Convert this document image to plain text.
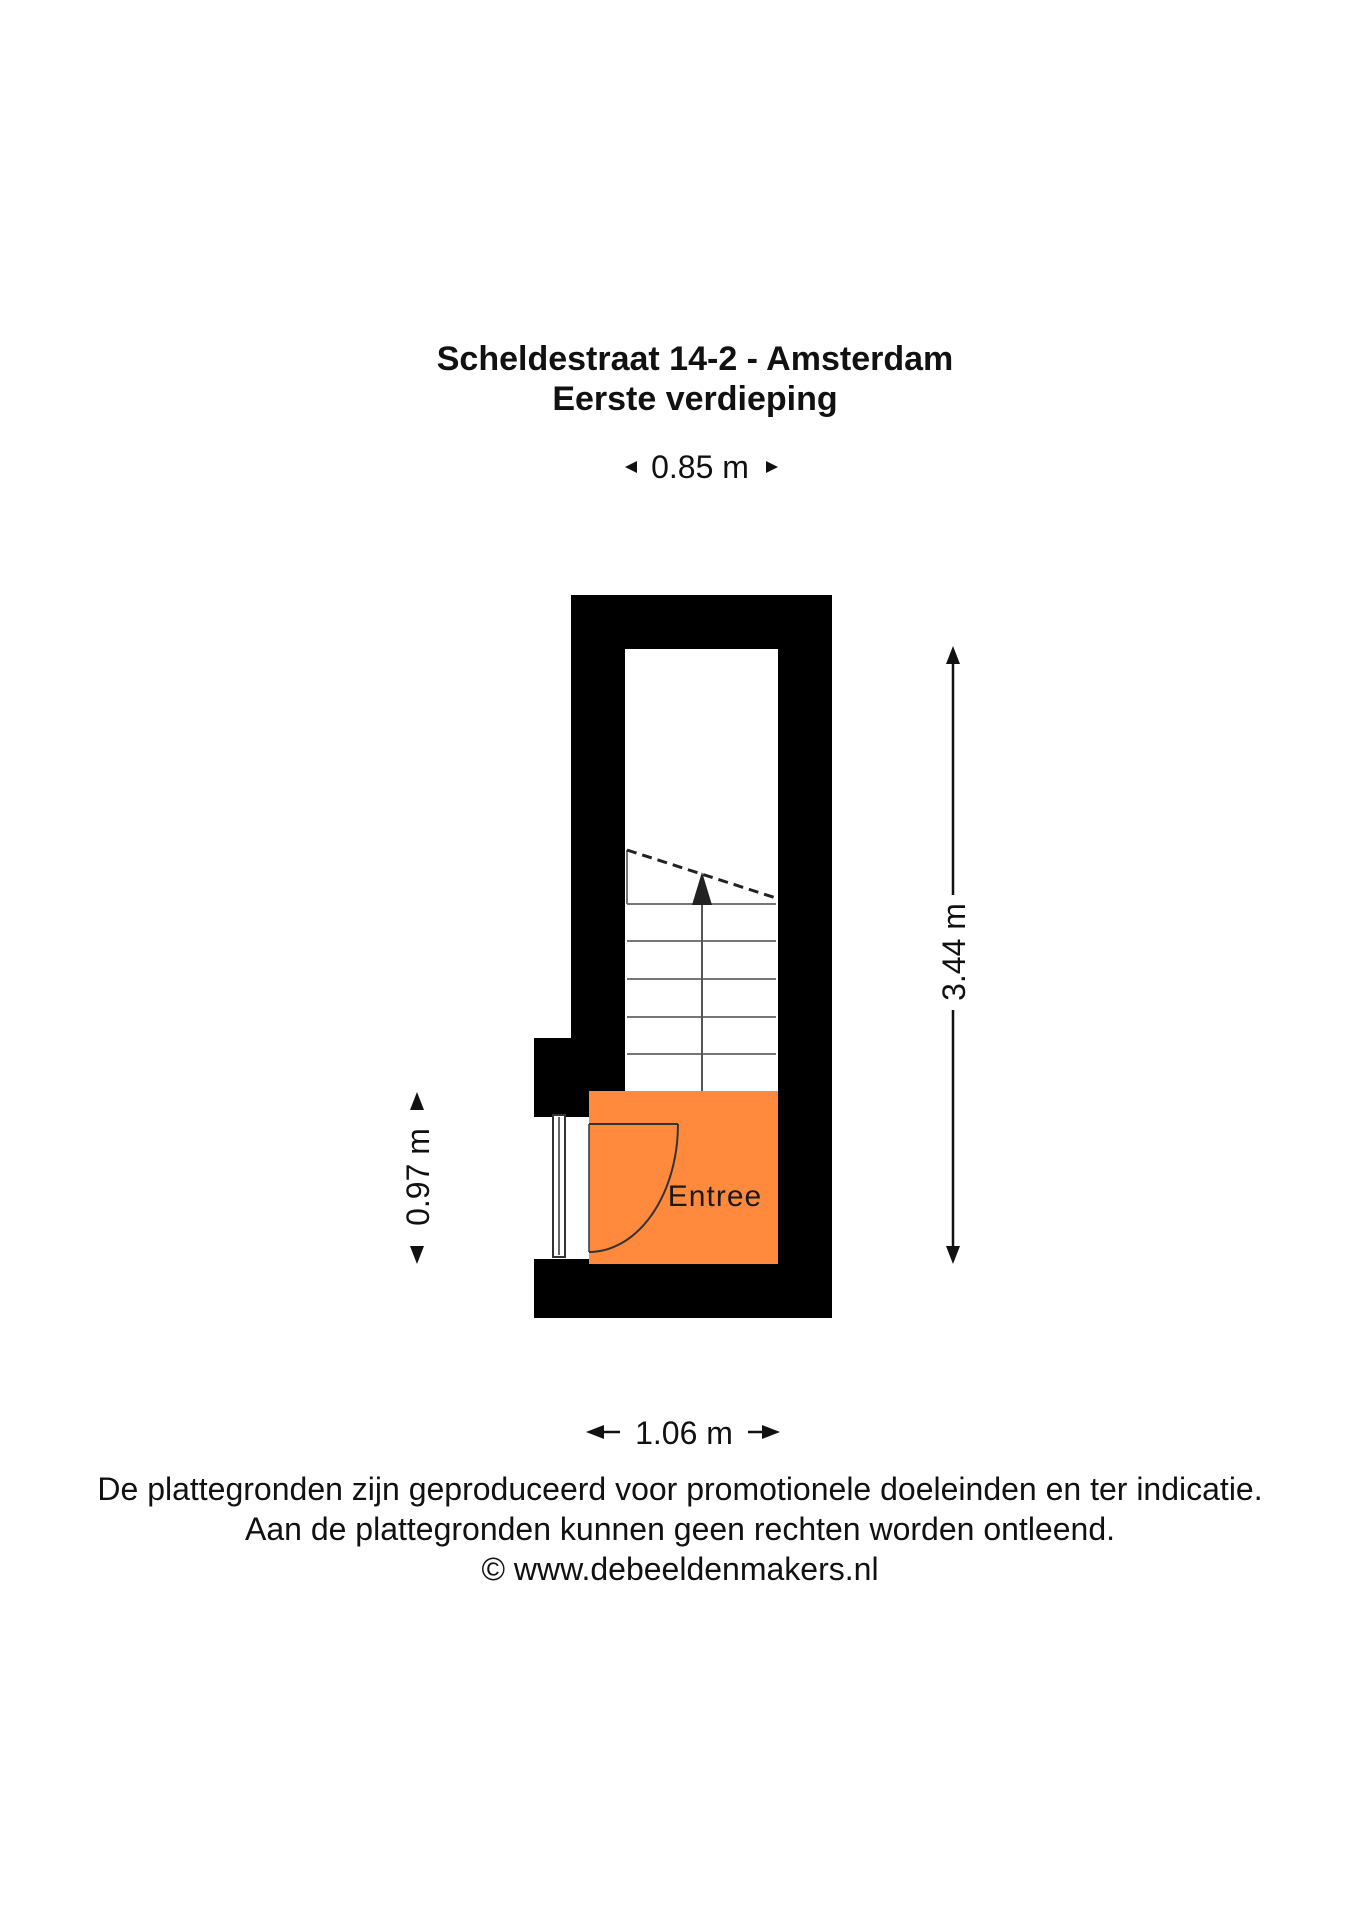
Scheldestraat 14-2 - Amsterdam
Eerste verdieping
0.85 m
Entree
3.44 m
0.97 m
1.06 m
De plattegronden zijn geproduceerd voor promotionele doeleinden en ter indicatie.
Aan de plattegronden kunnen geen rechten worden ontleend.
© www.debeeldenmakers.nl
